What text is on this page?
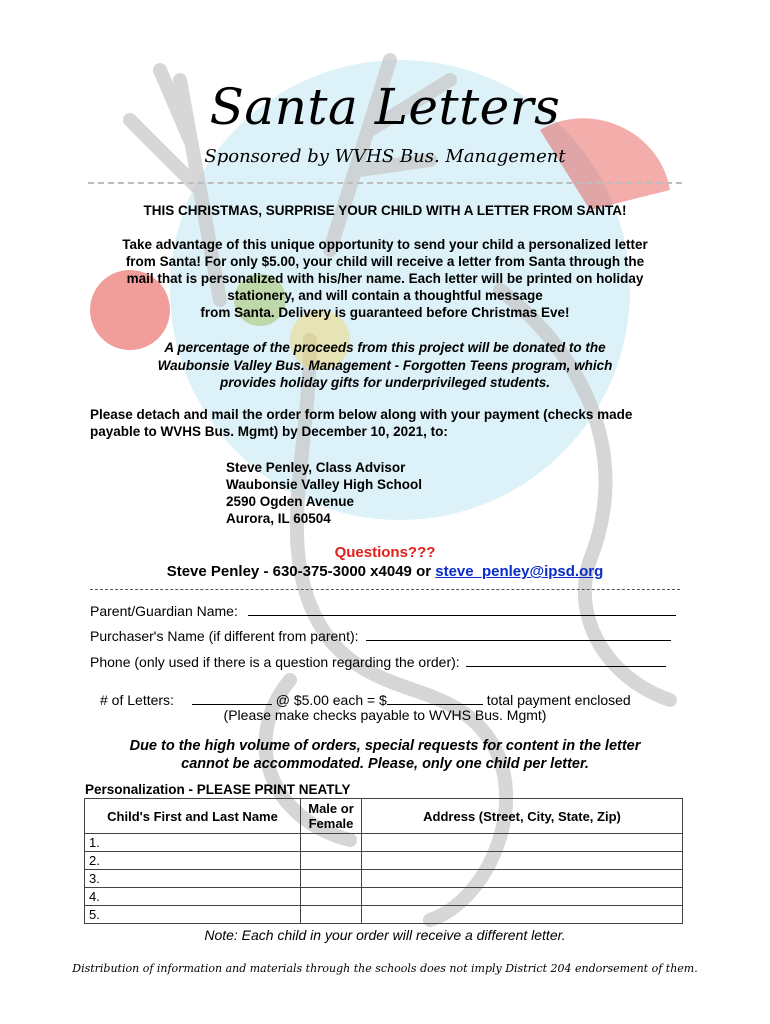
Santa Letters
Sponsored by WVHS Bus. Management
THIS CHRISTMAS, SURPRISE YOUR CHILD WITH A LETTER FROM SANTA!
Take advantage of this unique opportunity to send your child a personalized letter
from Santa! For only $5.00, your child will receive a letter from Santa through the
mail that is personalized with his/her name. Each letter will be printed on holiday
stationery, and will contain a thoughtful message
from Santa. Delivery is guaranteed before Christmas Eve!
A percentage of the proceeds from this project will be donated to the
Waubonsie Valley Bus. Management - Forgotten Teens program, which
provides holiday gifts for underprivileged students.
Please detach and mail the order form below along with your payment (checks made
payable to WVHS Bus. Mgmt) by December 10, 2021, to:
Steve Penley, Class Advisor
Waubonsie Valley High School
2590 Ogden Avenue
Aurora, IL 60504
Questions???
Steve Penley - 630-375-3000 x4049 or steve_penley@ipsd.org
Parent/Guardian Name:
Purchaser's Name (if different from parent):
Phone (only used if there is a question regarding the order):
# of Letters:	@ $5.00 each = $	total payment enclosed
(Please make checks payable to WVHS Bus. Mgmt)
Due to the high volume of orders, special requests for content in the letter
cannot be accommodated. Please, only one child per letter.
Personalization - PLEASE PRINT NEATLY
Child's First and Last Name	Male or Female	Address (Street, City, State, Zip)
1.		
2.		
3.		
4.		
5.		
Note: Each child in your order will receive a different letter.
Distribution of information and materials through the schools does not imply District 204 endorsement of them.
